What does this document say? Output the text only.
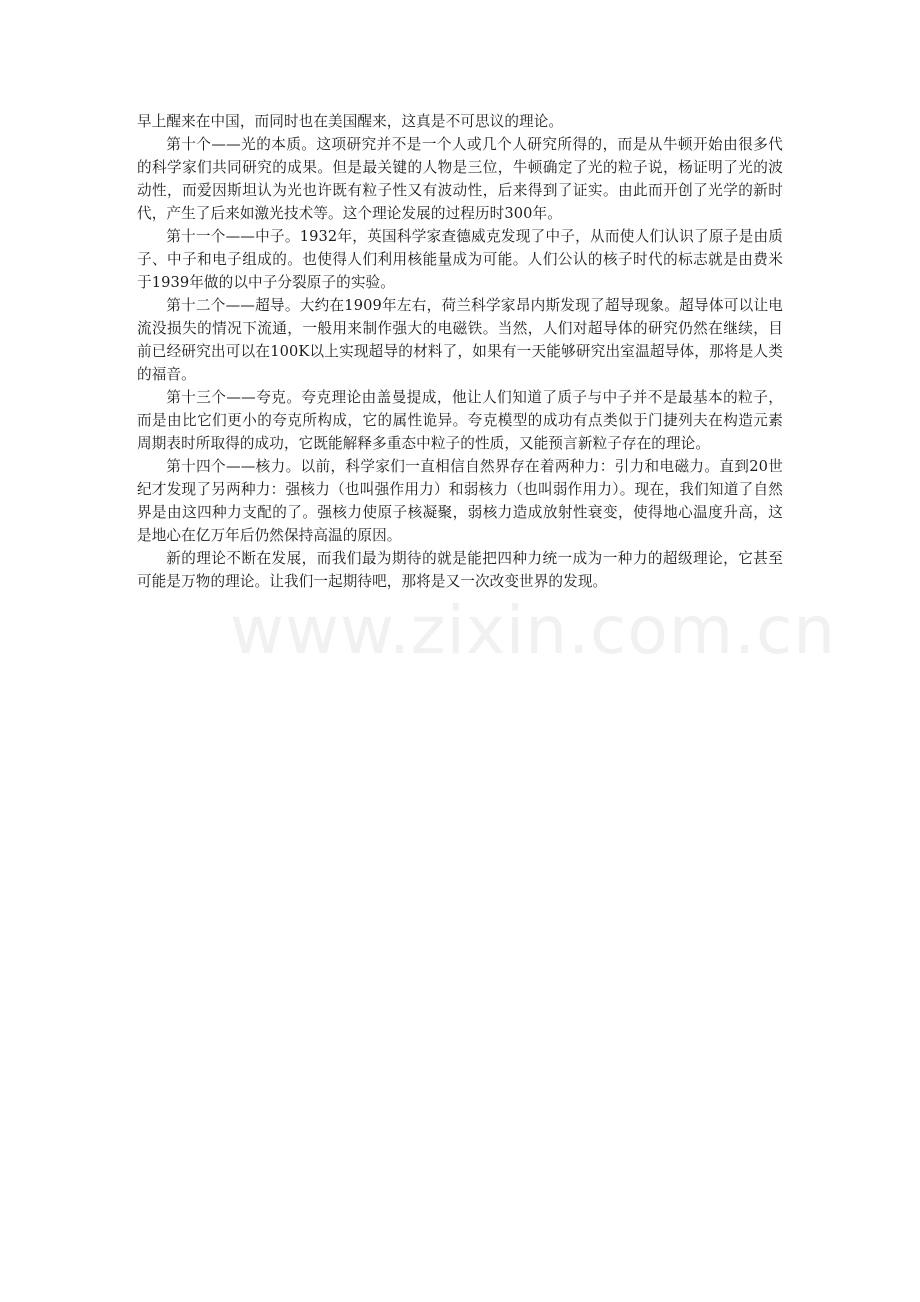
早上醒来在中国，而同时也在美国醒来，这真是不可思议的理论。

第十个——光的本质。这项研究并不是一个人或几个人研究所得的，而是从牛顿开始由很多代的科学家们共同研究的成果。但是最关键的人物是三位，牛顿确定了光的粒子说，杨证明了光的波动性，而爱因斯坦认为光也许既有粒子性又有波动性，后来得到了证实。由此而开创了光学的新时代，产生了后来如激光技术等。这个理论发展的过程历时300年。

第十一个——中子。1932年，英国科学家查德威克发现了中子，从而使人们认识了原子是由质子、中子和电子组成的。也使得人们利用核能量成为可能。人们公认的核子时代的标志就是由费米于1939年做的以中子分裂原子的实验。

第十二个——超导。大约在1909年左右，荷兰科学家昂内斯发现了超导现象。超导体可以让电流没损失的情况下流通，一般用来制作强大的电磁铁。当然，人们对超导体的研究仍然在继续，目前已经研究出可以在100K以上实现超导的材料了，如果有一天能够研究出室温超导体，那将是人类的福音。

第十三个——夸克。夸克理论由盖曼提成，他让人们知道了质子与中子并不是最基本的粒子，而是由比它们更小的夸克所构成，它的属性诡异。夸克模型的成功有点类似于门捷列夫在构造元素周期表时所取得的成功，它既能解释多重态中粒子的性质，又能预言新粒子存在的理论。

第十四个——核力。以前，科学家们一直相信自然界存在着两种力：引力和电磁力。直到20世纪才发现了另两种力：强核力（也叫强作用力）和弱核力（也叫弱作用力）。现在，我们知道了自然界是由这四种力支配的了。强核力使原子核凝聚，弱核力造成放射性衰变，使得地心温度升高，这是地心在亿万年后仍然保持高温的原因。

新的理论不断在发展，而我们最为期待的就是能把四种力统一成为一种力的超级理论，它甚至可能是万物的理论。让我们一起期待吧，那将是又一次改变世界的发现。

www.zixin.com.cn
